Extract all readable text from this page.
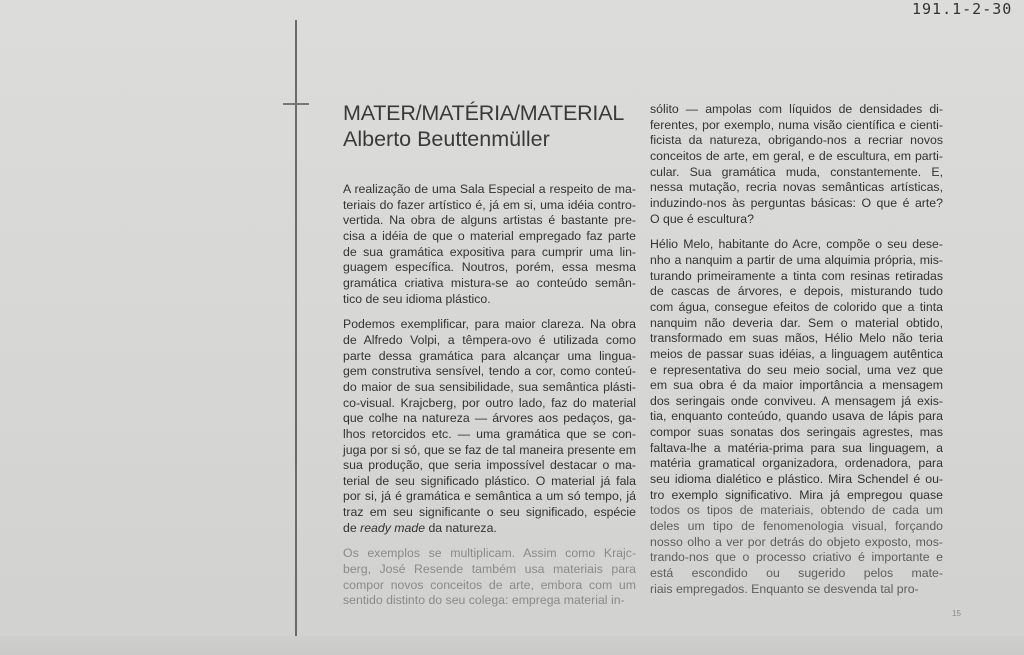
191.1-2-30
MATER/MATÉRIA/MATERIAL
Alberto Beuttenmüller

A realização de uma Sala Especial a respeito de ma-
teriais do fazer artístico é, já em si, uma idéia contro-
vertida. Na obra de alguns artistas é bastante pre-
cisa a idéia de que o material empregado faz parte
de sua gramática expositiva para cumprir uma lin-
guagem específica. Noutros, porém, essa mesma
gramática criativa mistura-se ao conteúdo semân-
tico de seu idioma plástico.

Podemos exemplificar, para maior clareza. Na obra
de Alfredo Volpi, a têmpera-ovo é utilizada como
parte dessa gramática para alcançar uma lingua-
gem construtiva sensível, tendo a cor, como conteú-
do maior de sua sensibilidade, sua semântica plásti-
co-visual. Krajcberg, por outro lado, faz do material
que colhe na natureza — árvores aos pedaços, ga-
lhos retorcidos etc. — uma gramática que se con-
juga por si só, que se faz de tal maneira presente em
sua produção, que seria impossível destacar o ma-
terial de seu significado plástico. O material já fala
por si, já é gramática e semântica a um só tempo, já
traz em seu significante o seu significado, espécie
de ready made da natureza.

Os exemplos se multiplicam. Assim como Krajc-
berg, José Resende também usa materiais para
compor novos conceitos de arte, embora com um
sentido distinto do seu colega: emprega material in-

sólito — ampolas com líquidos de densidades di-
ferentes, por exemplo, numa visão científica e cienti-
ficista da natureza, obrigando-nos a recriar novos
conceitos de arte, em geral, e de escultura, em parti-
cular. Sua gramática muda, constantemente. E,
nessa mutação, recria novas semânticas artísticas,
induzindo-nos às perguntas básicas: O que é arte?
O que é escultura?

Hélio Melo, habitante do Acre, compõe o seu dese-
nho a nanquim a partir de uma alquimia própria, mis-
turando primeiramente a tinta com resinas retiradas
de cascas de árvores, e depois, misturando tudo
com água, consegue efeitos de colorido que a tinta
nanquim não deveria dar. Sem o material obtido,
transformado em suas mãos, Hélio Melo não teria
meios de passar suas idéias, a linguagem autêntica
e representativa do seu meio social, uma vez que
em sua obra é da maior importância a mensagem
dos seringais onde conviveu. A mensagem já exis-
tia, enquanto conteúdo, quando usava de lápis para
compor suas sonatas dos seringais agrestes, mas
faltava-lhe a matéria-prima para sua linguagem, a
matéria gramatical organizadora, ordenadora, para
seu idioma dialético e plástico. Mira Schendel é ou-
tro exemplo significativo. Mira já empregou quase
todos os tipos de materiais, obtendo de cada um
deles um tipo de fenomenologia visual, forçando
nosso olho a ver por detrás do objeto exposto, mos-
trando-nos que o processo criativo é importante e
está escondido ou sugerido pelos mate-
riais empregados. Enquanto se desvenda tal pro-

15
